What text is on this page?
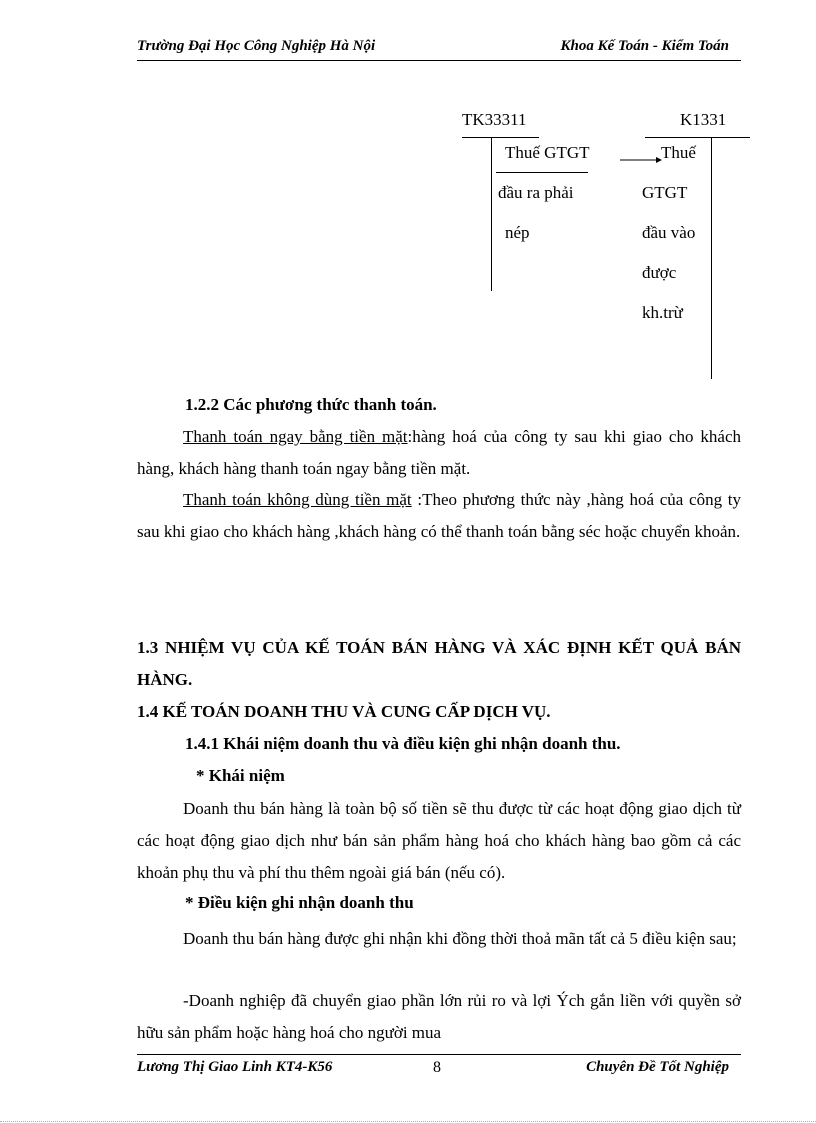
Trường Đại Học Công Nghiệp Hà Nội	Khoa Kế Toán - Kiểm Toán
TK33311	K1331
Thuế GTGT
đầu ra phải
nép
Thuế
GTGT
đầu vào
được
kh.trừ
1.2.2 Các phương thức thanh toán.
Thanh toán ngay bằng tiền mặt:hàng hoá của công ty sau khi giao cho khách hàng, khách hàng thanh toán ngay bằng tiền mặt.
Thanh toán không dùng tiền mặt :Theo phương thức này ,hàng hoá của công ty sau khi giao cho khách hàng ,khách hàng có thể thanh toán bằng séc hoặc chuyển khoản.
1.3 NHIỆM VỤ CỦA KẾ TOÁN BÁN HÀNG VÀ XÁC ĐỊNH KẾT QUẢ BÁN HÀNG.
1.4 KẾ TOÁN DOANH THU VÀ CUNG CẤP DỊCH VỤ.
1.4.1 Khái niệm doanh thu và điều kiện ghi nhận doanh thu.
* Khái niệm
Doanh thu bán hàng là toàn bộ số tiền sẽ thu được từ các hoạt động giao dịch từ các hoạt động giao dịch như bán sản phẩm hàng hoá cho khách hàng bao gồm cả các khoản phụ thu và phí thu thêm ngoài giá bán (nếu có).
* Điều kiện ghi nhận doanh thu
Doanh thu bán hàng được ghi nhận khi đồng thời thoả mãn tất cả 5 điều kiện sau;
-Doanh nghiệp đã chuyển giao phần lớn rủi ro và lợi Ých gắn liền với quyền sở hữu sản phẩm hoặc hàng hoá cho người mua
Lương Thị Giao Linh KT4-K56	8	Chuyên Đề Tốt Nghiệp
